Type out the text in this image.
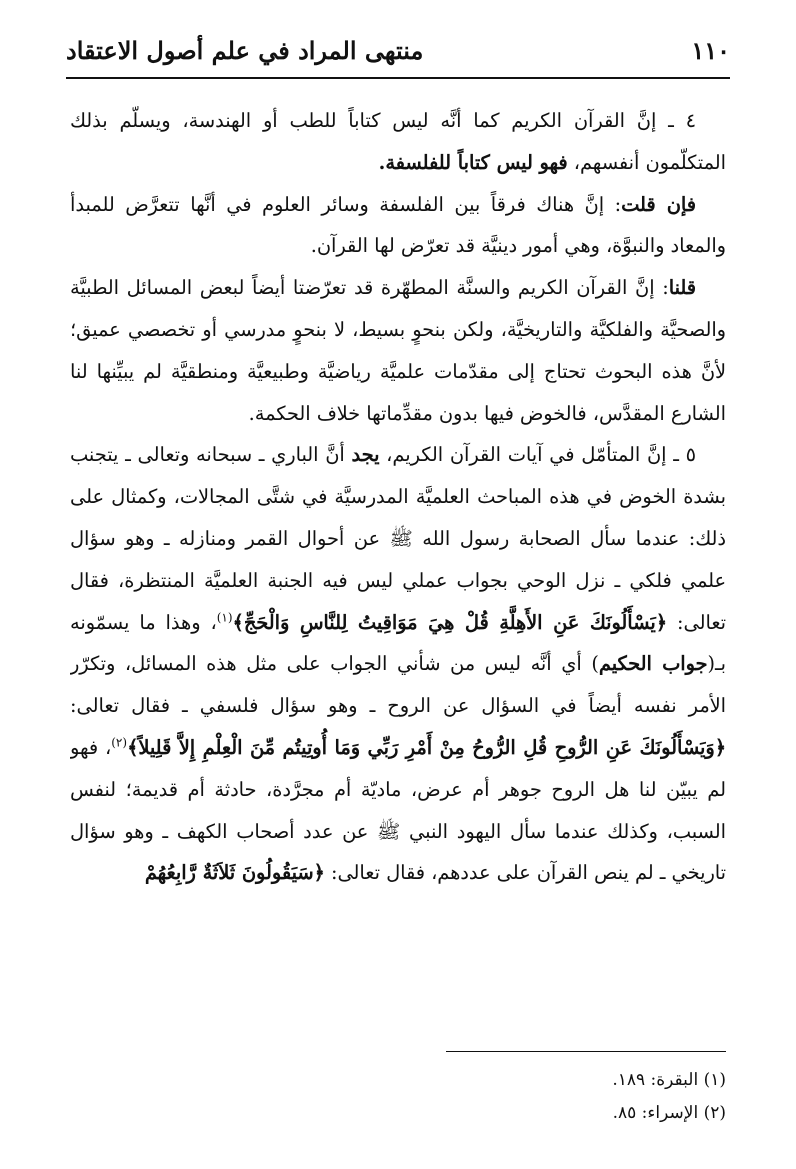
١١٠
منتهى المراد في علم أصول الاعتقاد

٤ ـ إنَّ القرآن الكريم كما أنَّه ليس كتاباً للطب أو الهندسة، ويسلّم بذلك المتكلّمون أنفسهم، فهو ليس كتاباً للفلسفة.

فإن قلت: إنَّ هناك فرقاً بين الفلسفة وسائر العلوم في أنَّها تتعرَّض للمبدأ والمعاد والنبوَّة، وهي أمور دينيَّة قد تعرّض لها القرآن.

قلنا: إنَّ القرآن الكريم والسنَّة المطهّرة قد تعرّضتا أيضاً لبعض المسائل الطبيَّة والصحيَّة والفلكيَّة والتاريخيَّة، ولكن بنحوٍ بسيط، لا بنحوٍ مدرسي أو تخصصي عميق؛ لأنَّ هذه البحوث تحتاج إلى مقدّمات علميَّة رياضيَّة وطبيعيَّة ومنطقيَّة لم يبيِّنها لنا الشارع المقدَّس، فالخوض فيها بدون مقدِّماتها خلاف الحكمة.

٥ ـ إنَّ المتأمّل في آيات القرآن الكريم، يجد أنَّ الباري ـ سبحانه وتعالى ـ يتجنب بشدة الخوض في هذه المباحث العلميَّة المدرسيَّة في شتَّى المجالات، وكمثال على ذلك: عندما سأل الصحابة رسول الله ﷺ عن أحوال القمر ومنازله ـ وهو سؤال علمي فلكي ـ نزل الوحي بجواب عملي ليس فيه الجنبة العلميَّة المنتظرة، فقال تعالى: ﴿يَسْأَلُونَكَ عَنِ الأَهِلَّةِ قُلْ هِيَ مَوَاقِيتُ لِلنَّاسِ وَالْحَجِّ﴾$^{(١)}$، وهذا ما يسمّونه بـ(جواب الحكيم) أي أنَّه ليس من شأني الجواب على مثل هذه المسائل، وتكرّر الأمر نفسه أيضاً في السؤال عن الروح ـ وهو سؤال فلسفي ـ فقال تعالى: ﴿وَيَسْأَلُونَكَ عَنِ الرُّوحِ قُلِ الرُّوحُ مِنْ أَمْرِ رَبِّي وَمَا أُوتِيتُم مِّنَ الْعِلْمِ إِلاَّ قَلِيلاً﴾$^{(٢)}$، فهو لم يبيّن لنا هل الروح جوهر أم عرض، ماديّة أم مجرَّدة، حادثة أم قديمة؛ لنفس السبب، وكذلك عندما سأل اليهود النبي ﷺ عن عدد أصحاب الكهف ـ وهو سؤال تاريخي ـ لم ينص القرآن على عددهم، فقال تعالى: ﴿سَيَقُولُونَ ثَلاَثَةٌ رَّابِعُهُمْ

(١) البقرة: ١٨٩.
(٢) الإسراء: ٨٥.
